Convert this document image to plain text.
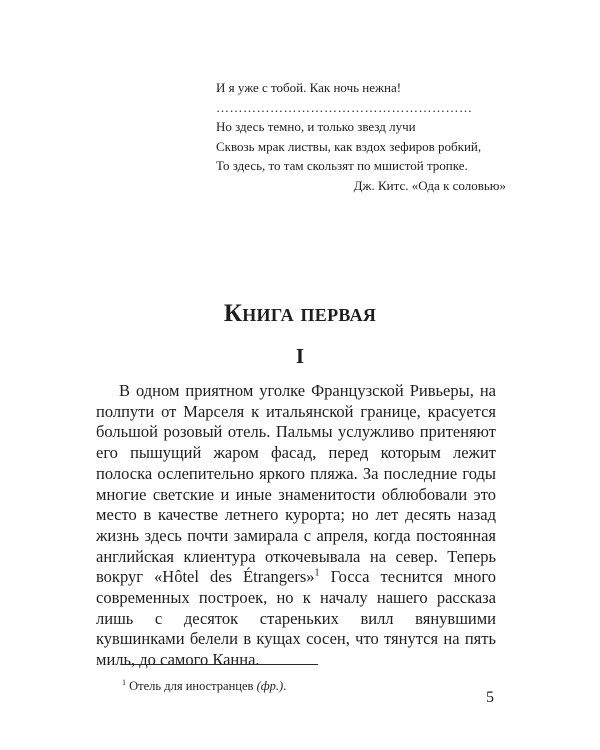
И я уже с тобой. Как ночь нежна!
…………………………………………………
Но здесь темно, и только звезд лучи
Сквозь мрак листвы, как вздох зефиров робкий,
То здесь, то там скользят по мшистой тропке.
Дж. Китс. «Ода к соловью»
Книга первая
I

В одном приятном уголке Французской Ривьеры, на полпути от Марселя к итальянской границе, красуется большой розовый отель. Пальмы услужливо притеняют его пышущий жаром фасад, перед которым лежит полоска ослепительно яркого пляжа. За последние годы многие светские и иные знаменитости облюбовали это место в качестве летнего курорта; но лет десять назад жизнь здесь почти замирала с апреля, когда постоянная английская клиентура откочевывала на север. Теперь вокруг «Hôtel des Étrangers»$^1$ Госса теснится много современных построек, но к началу нашего рассказа лишь с десяток стареньких вилл вянувшими кувшинками белели в кущах сосен, что тянутся на пять миль, до самого Канна.

$^1$ Отель для иностранцев (фр.).
5
